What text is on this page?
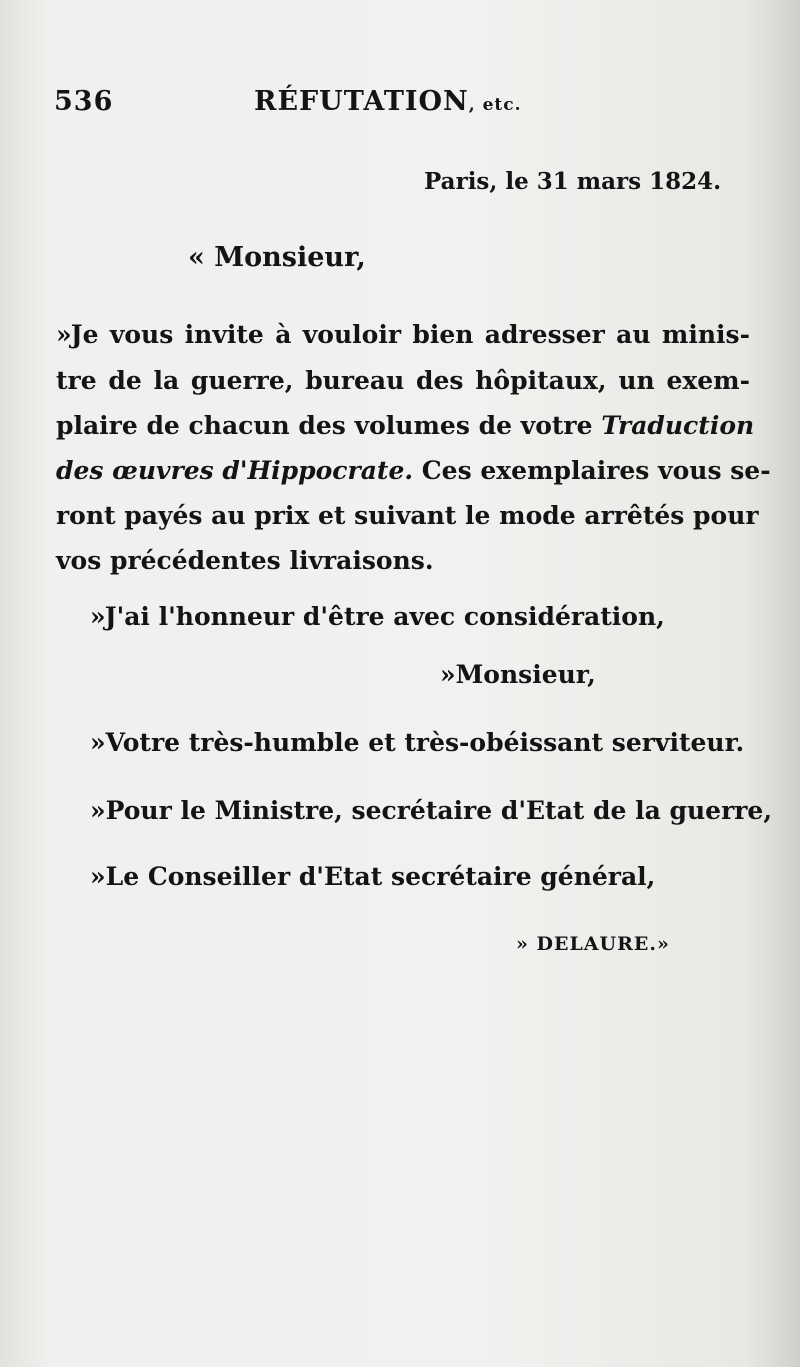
536	RÉFUTATION, etc.
Paris, le 31 mars 1824.
« Monsieur,
»Je vous invite à vouloir bien adresser au minis-
tre de la guerre, bureau des hôpitaux, un exem-
plaire de chacun des volumes de votre Traduction
des œuvres d'Hippocrate. Ces exemplaires vous se-
ront payés au prix et suivant le mode arrêtés pour
vos précédentes livraisons.
»J'ai l'honneur d'être avec considération,
»Monsieur,
»Votre très-humble et très-obéissant serviteur.
»Pour le Ministre, secrétaire d'Etat de la guerre,
»Le Conseiller d'Etat secrétaire général,
» DELAURE.»
